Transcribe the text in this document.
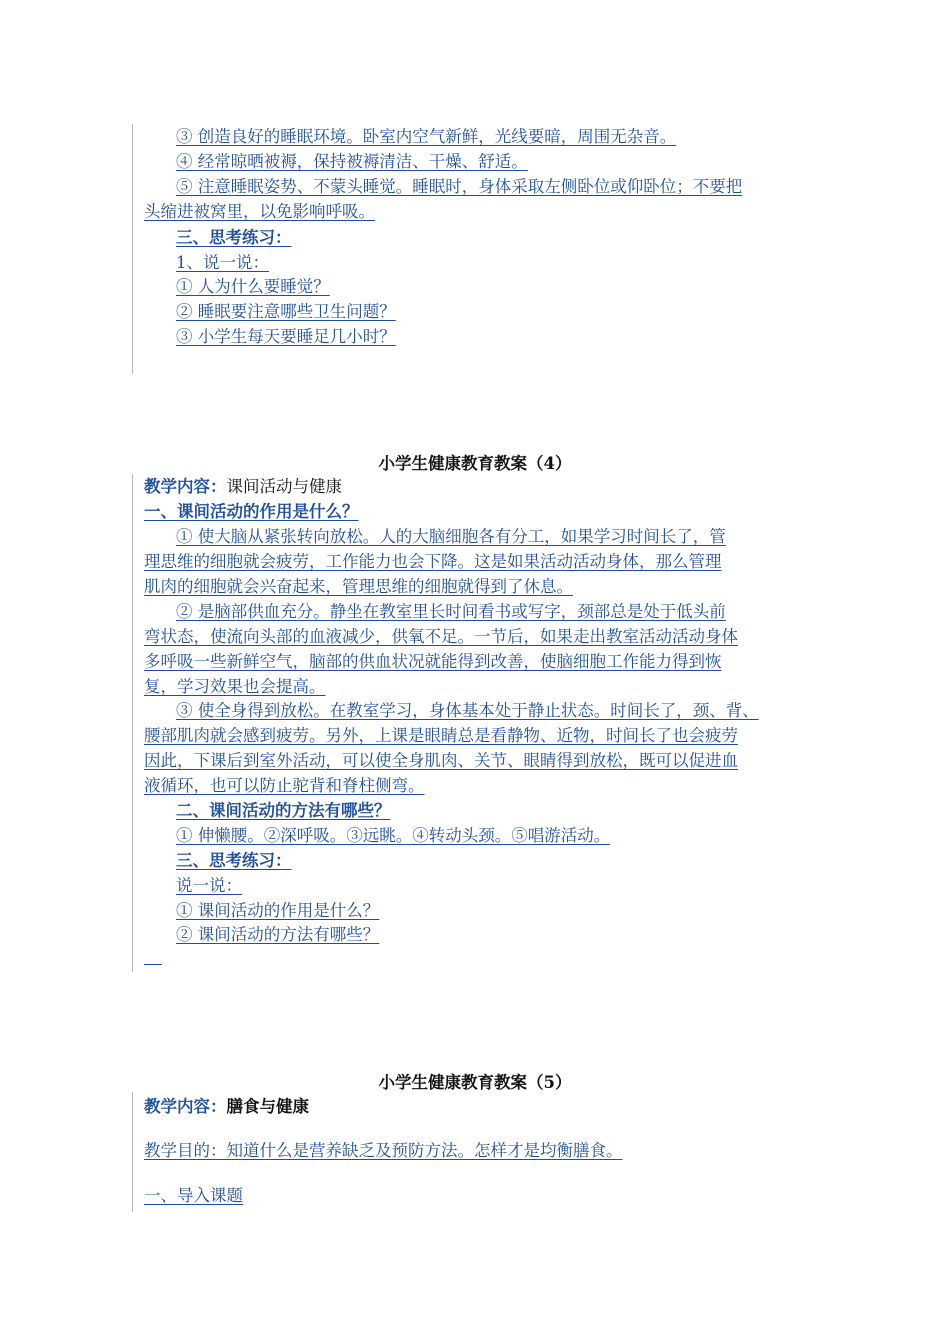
③ 创造良好的睡眠环境。卧室内空气新鲜，光线要暗，周围无杂音。
④ 经常晾晒被褥，保持被褥清洁、干燥、舒适。
⑤ 注意睡眠姿势、不蒙头睡觉。睡眠时，身体采取左侧卧位或仰卧位；不要把
头缩进被窝里，以免影响呼吸。
三、思考练习：
1、说一说：
① 人为什么要睡觉？
② 睡眠要注意哪些卫生问题？
③ 小学生每天要睡足几小时？
小学生健康教育教案（4）
教学内容：课间活动与健康
一、课间活动的作用是什么？
① 使大脑从紧张转向放松。人的大脑细胞各有分工，如果学习时间长了，管
理思维的细胞就会疲劳，工作能力也会下降。这是如果活动活动身体，那么管理
肌肉的细胞就会兴奋起来，管理思维的细胞就得到了休息。
② 是脑部供血充分。静坐在教室里长时间看书或写字，颈部总是处于低头前
弯状态，使流向头部的血液减少，供氧不足。一节后，如果走出教室活动活动身体
多呼吸一些新鲜空气，脑部的供血状况就能得到改善，使脑细胞工作能力得到恢
复，学习效果也会提高。
③ 使全身得到放松。在教室学习，身体基本处于静止状态。时间长了，颈、背、
腰部肌肉就会感到疲劳。另外，上课是眼睛总是看静物、近物，时间长了也会疲劳
因此，下课后到室外活动，可以使全身肌肉、关节、眼睛得到放松，既可以促进血
液循环，也可以防止驼背和脊柱侧弯。
二、课间活动的方法有哪些？
① 伸懒腰。②深呼吸。③远眺。④转动头颈。⑤唱游活动。
三、思考练习：
说一说：
① 课间活动的作用是什么？
② 课间活动的方法有哪些？
小学生健康教育教案（5）
教学内容：膳食与健康
教学目的：知道什么是营养缺乏及预防方法。怎样才是均衡膳食。
一、导入课题
